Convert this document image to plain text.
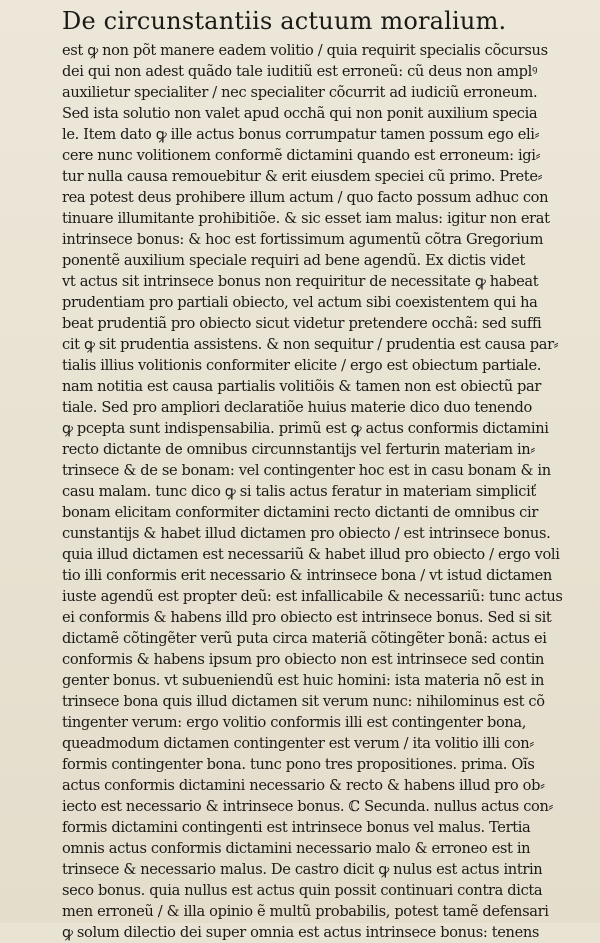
De circunstantiis actuum moralium.
est ꝙ non põt manere eadem volitio / quia requirit specialis cõcursus
dei qui non adest quãdo tale iuditiũ est erroneũ: cũ deus non amplꝰ
auxilietur specialiter / nec specialiter cõcurrit ad iudiciũ erroneum.
Sed ista solutio non valet apud occhã qui non ponit auxilium specia
le. Item dato ꝙ ille actus bonus corrumpatur tamen possum ego eli⸗
cere nunc volitionem conformẽ dictamini quando est erroneum: igi⸗
tur nulla causa remouebitur & erit eiusdem speciei cũ primo. Prete⸗
rea potest deus prohibere illum actum / quo facto possum adhuc con
tinuare illumitante prohibitiõe. & sic esset iam malus: igitur non erat
intrinsece bonus: & hoc est fortissimum agumentũ cõtra Gregorium
ponentẽ auxilium speciale requiri ad bene agendũ. Ex dictis videt
vt actus sit intrinsece bonus non requiritur de necessitate ꝙ habeat
prudentiam pro partiali obiecto, vel actum sibi coexistentem qui ha
beat prudentiã pro obiecto sicut videtur pretendere occhã: sed suffi
cit ꝙ sit prudentia assistens. & non sequitur / prudentia est causa par⸗
tialis illius volitionis conformiter elicite / ergo est obiectum partiale.
nam notitia est causa partialis volitiõis & tamen non est obiectũ par
tiale. Sed pro ampliori declaratiõe huius materie dico duo tenendo
ꝙ pcepta sunt indispensabilia. primũ est ꝙ actus conformis dictamini
recto dictante de omnibus circunnstantijs vel ferturin materiam in⸗
trinsece & de se bonam: vel contingenter hoc est in casu bonam & in
casu malam. tunc dico ꝙ si talis actus feratur in materiam simpliciť
bonam elicitam conformiter dictamini recto dictanti de omnibus cir
cunstantijs & habet illud dictamen pro obiecto / est intrinsece bonus.
quia illud dictamen est necessariũ & habet illud pro obiecto / ergo voli
tio illi conformis erit necessario & intrinsece bona / vt istud dictamen
iuste agendũ est propter deũ: est infallicabile & necessariũ: tunc actus
ei conformis & habens illd pro obiecto est intrinsece bonus. Sed si sit
dictamẽ cõtingẽter verũ puta circa materiã cõtingẽter bonã: actus ei
conformis & habens ipsum pro obiecto non est intrinsece sed contin
genter bonus. vt subueniendũ est huic homini: ista materia nõ est in
trinsece bona quis illud dictamen sit verum nunc: nihilominus est cõ
tingenter verum: ergo volitio conformis illi est contingenter bona,
queadmodum dictamen contingenter est verum / ita volitio illi con⸗
formis contingenter bona. tunc pono tres propositiones. prima. Oĩs
actus conformis dictamini necessario & recto & habens illud pro ob⸗
iecto est necessario & intrinsece bonus. ℂ Secunda. nullus actus con⸗
formis dictamini contingenti est intrinsece bonus vel malus. Tertia
omnis actus conformis dictamini necessario malo & erroneo est in
trinsece & necessario malus. De castro dicit ꝙ nulus est actus intrin
seco bonus. quia nullus est actus quin possit continuari contra dicta
men erroneũ / & illa opinio ẽ multũ probabilis, potest tamẽ defensari
ꝙ solum dilectio dei super omnia est actus intrinsece bonus: tenens
